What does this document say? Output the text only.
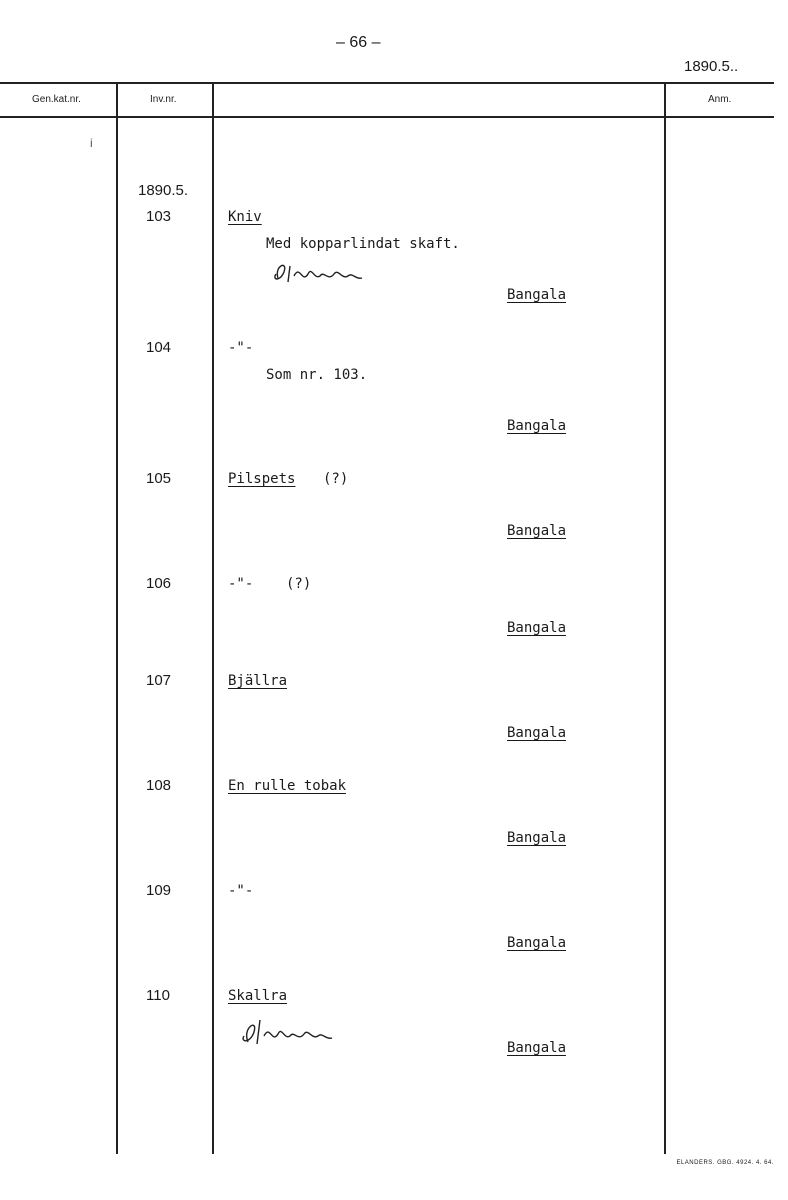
– 66 –
1890.5..
Gen.kat.nr.	Inv.nr.	Anm.
i
1890.5.
103	Kniv
Med kopparlindat skaft.
Bangala
104	-"-
Som nr. 103.
Bangala
105	Pilspets (?)
Bangala
106	-"- (?)
Bangala
107	Bjällra
Bangala
108	En rulle tobak
Bangala
109	-"-
Bangala
110	Skallra
Bangala
ELANDERS. GBG. 4924. 4. 64.
